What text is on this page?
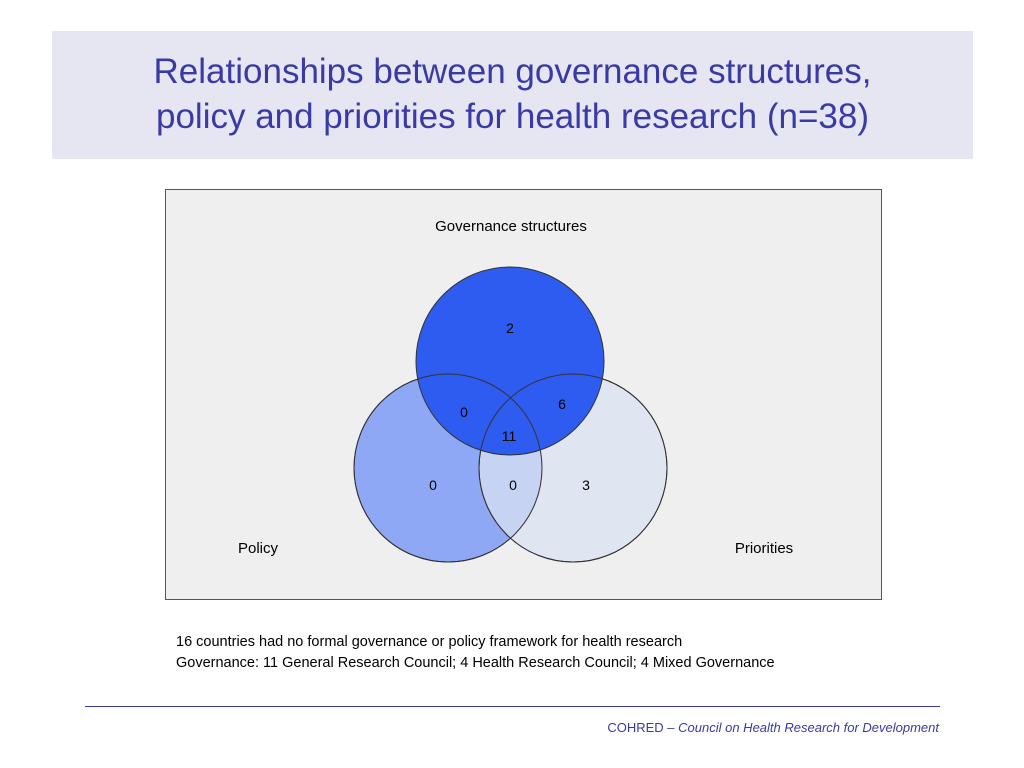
Relationships between governance structures,
policy and priorities for health research (n=38)
Governance structures
Policy	Priorities
2
0	6
11
0	0	3
16 countries had no formal governance or policy framework for health research
Governance: 11 General Research Council; 4 Health Research Council; 4 Mixed Governance
COHRED – Council on Health Research for Development
